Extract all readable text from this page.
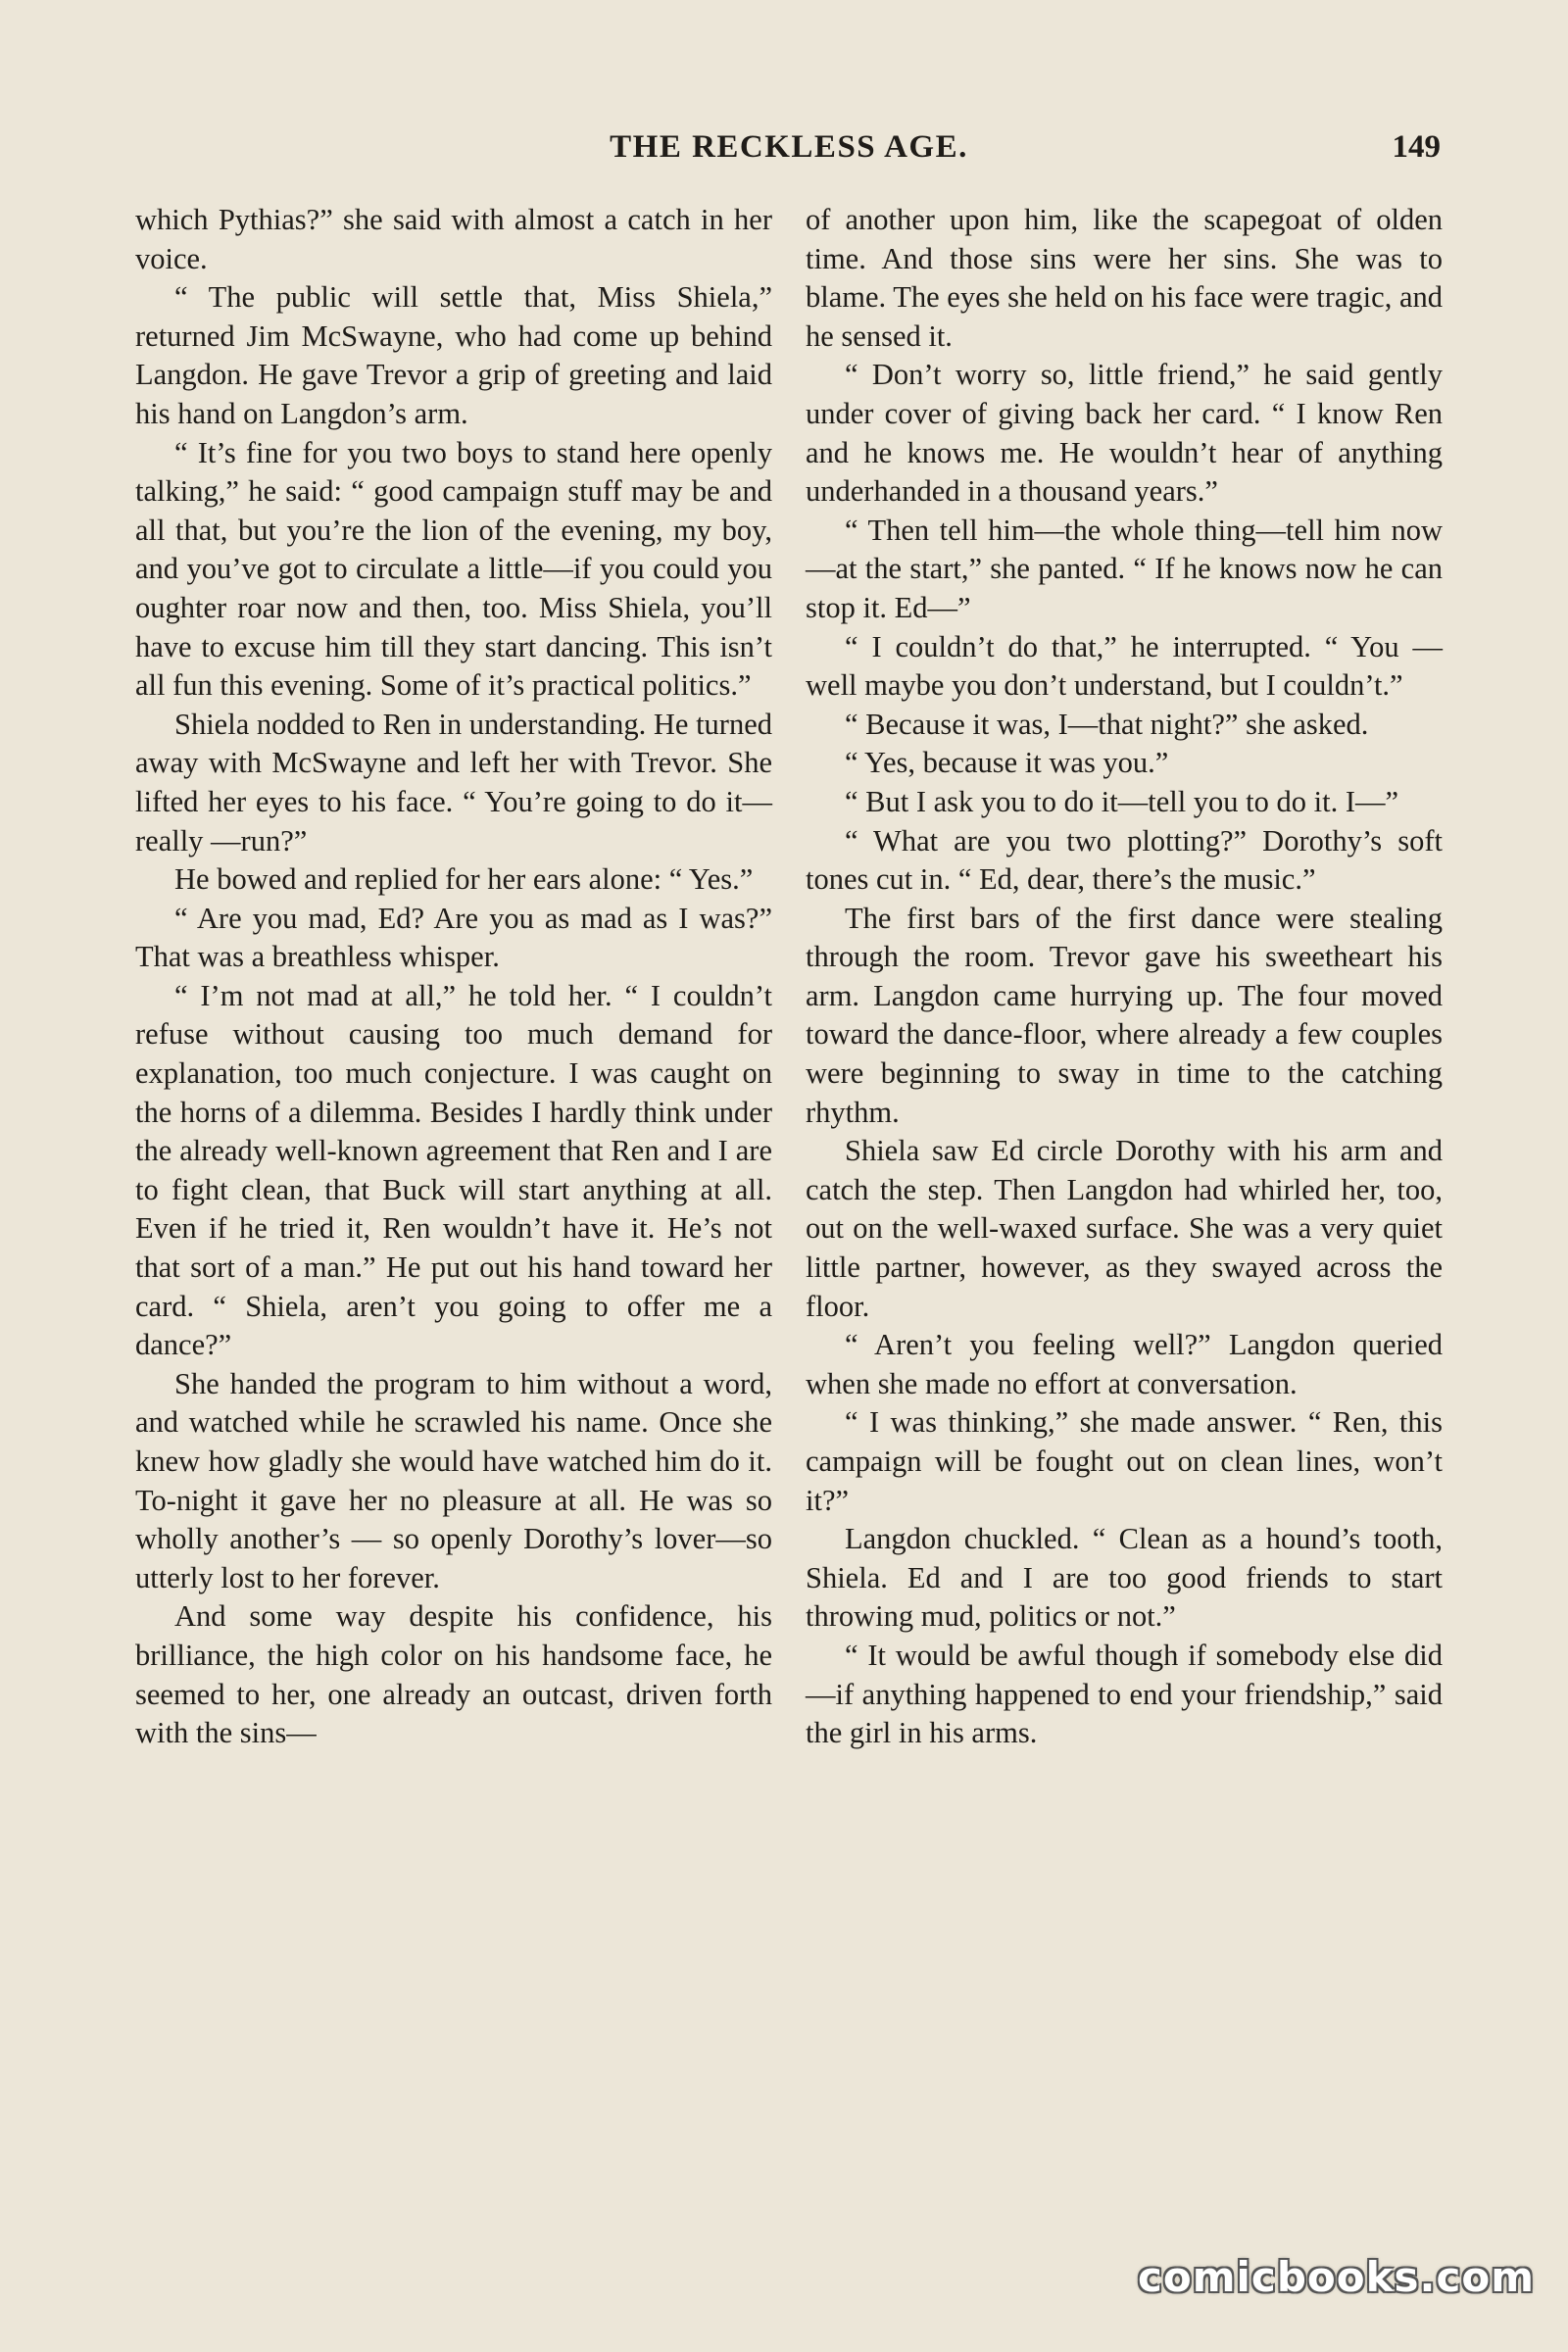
THE RECKLESS AGE.	149

which Pythias?” she said with almost a catch in her voice.

“ The public will settle that, Miss Shiela,” returned Jim McSwayne, who had come up behind Langdon. He gave Trevor a grip of greeting and laid his hand on Langdon’s arm.

“ It’s fine for you two boys to stand here openly talking,” he said: “ good campaign stuff may be and all that, but you’re the lion of the evening, my boy, and you’ve got to circulate a little—if you could you oughter roar now and then, too. Miss Shiela, you’ll have to excuse him till they start dancing. This isn’t all fun this evening. Some of it’s practical politics.”

Shiela nodded to Ren in understanding. He turned away with McSwayne and left her with Trevor. She lifted her eyes to his face. “ You’re going to do it—really —run?”

He bowed and replied for her ears alone: “ Yes.”

“ Are you mad, Ed? Are you as mad as I was?” That was a breathless whisper.

“ I’m not mad at all,” he told her. “ I couldn’t refuse without causing too much demand for explanation, too much conjecture. I was caught on the horns of a dilemma. Besides I hardly think under the already well-known agreement that Ren and I are to fight clean, that Buck will start anything at all. Even if he tried it, Ren wouldn’t have it. He’s not that sort of a man.” He put out his hand toward her card. “ Shiela, aren’t you going to offer me a dance?”

She handed the program to him without a word, and watched while he scrawled his name. Once she knew how gladly she would have watched him do it. To-night it gave her no pleasure at all. He was so wholly another’s — so openly Dorothy’s lover—so utterly lost to her forever.

And some way despite his confidence, his brilliance, the high color on his handsome face, he seemed to her, one already an outcast, driven forth with the sins—

of another upon him, like the scapegoat of olden time. And those sins were her sins. She was to blame. The eyes she held on his face were tragic, and he sensed it.

“ Don’t worry so, little friend,” he said gently under cover of giving back her card. “ I know Ren and he knows me. He wouldn’t hear of anything underhanded in a thousand years.”

“ Then tell him—the whole thing—tell him now—at the start,” she panted. “ If he knows now he can stop it. Ed—”

“ I couldn’t do that,” he interrupted. “ You — well maybe you don’t understand, but I couldn’t.”

“ Because it was, I—that night?” she asked.

“ Yes, because it was you.”

“ But I ask you to do it—tell you to do it. I—”

“ What are you two plotting?” Dorothy’s soft tones cut in. “ Ed, dear, there’s the music.”

The first bars of the first dance were stealing through the room. Trevor gave his sweetheart his arm. Langdon came hurrying up. The four moved toward the dance-floor, where already a few couples were beginning to sway in time to the catching rhythm.

Shiela saw Ed circle Dorothy with his arm and catch the step. Then Langdon had whirled her, too, out on the well-waxed surface. She was a very quiet little partner, however, as they swayed across the floor.

“ Aren’t you feeling well?” Langdon queried when she made no effort at conversation.

“ I was thinking,” she made answer. “ Ren, this campaign will be fought out on clean lines, won’t it?”

Langdon chuckled. “ Clean as a hound’s tooth, Shiela. Ed and I are too good friends to start throwing mud, politics or not.”

“ It would be awful though if somebody else did—if anything happened to end your friendship,” said the girl in his arms.

comicbooks.com
